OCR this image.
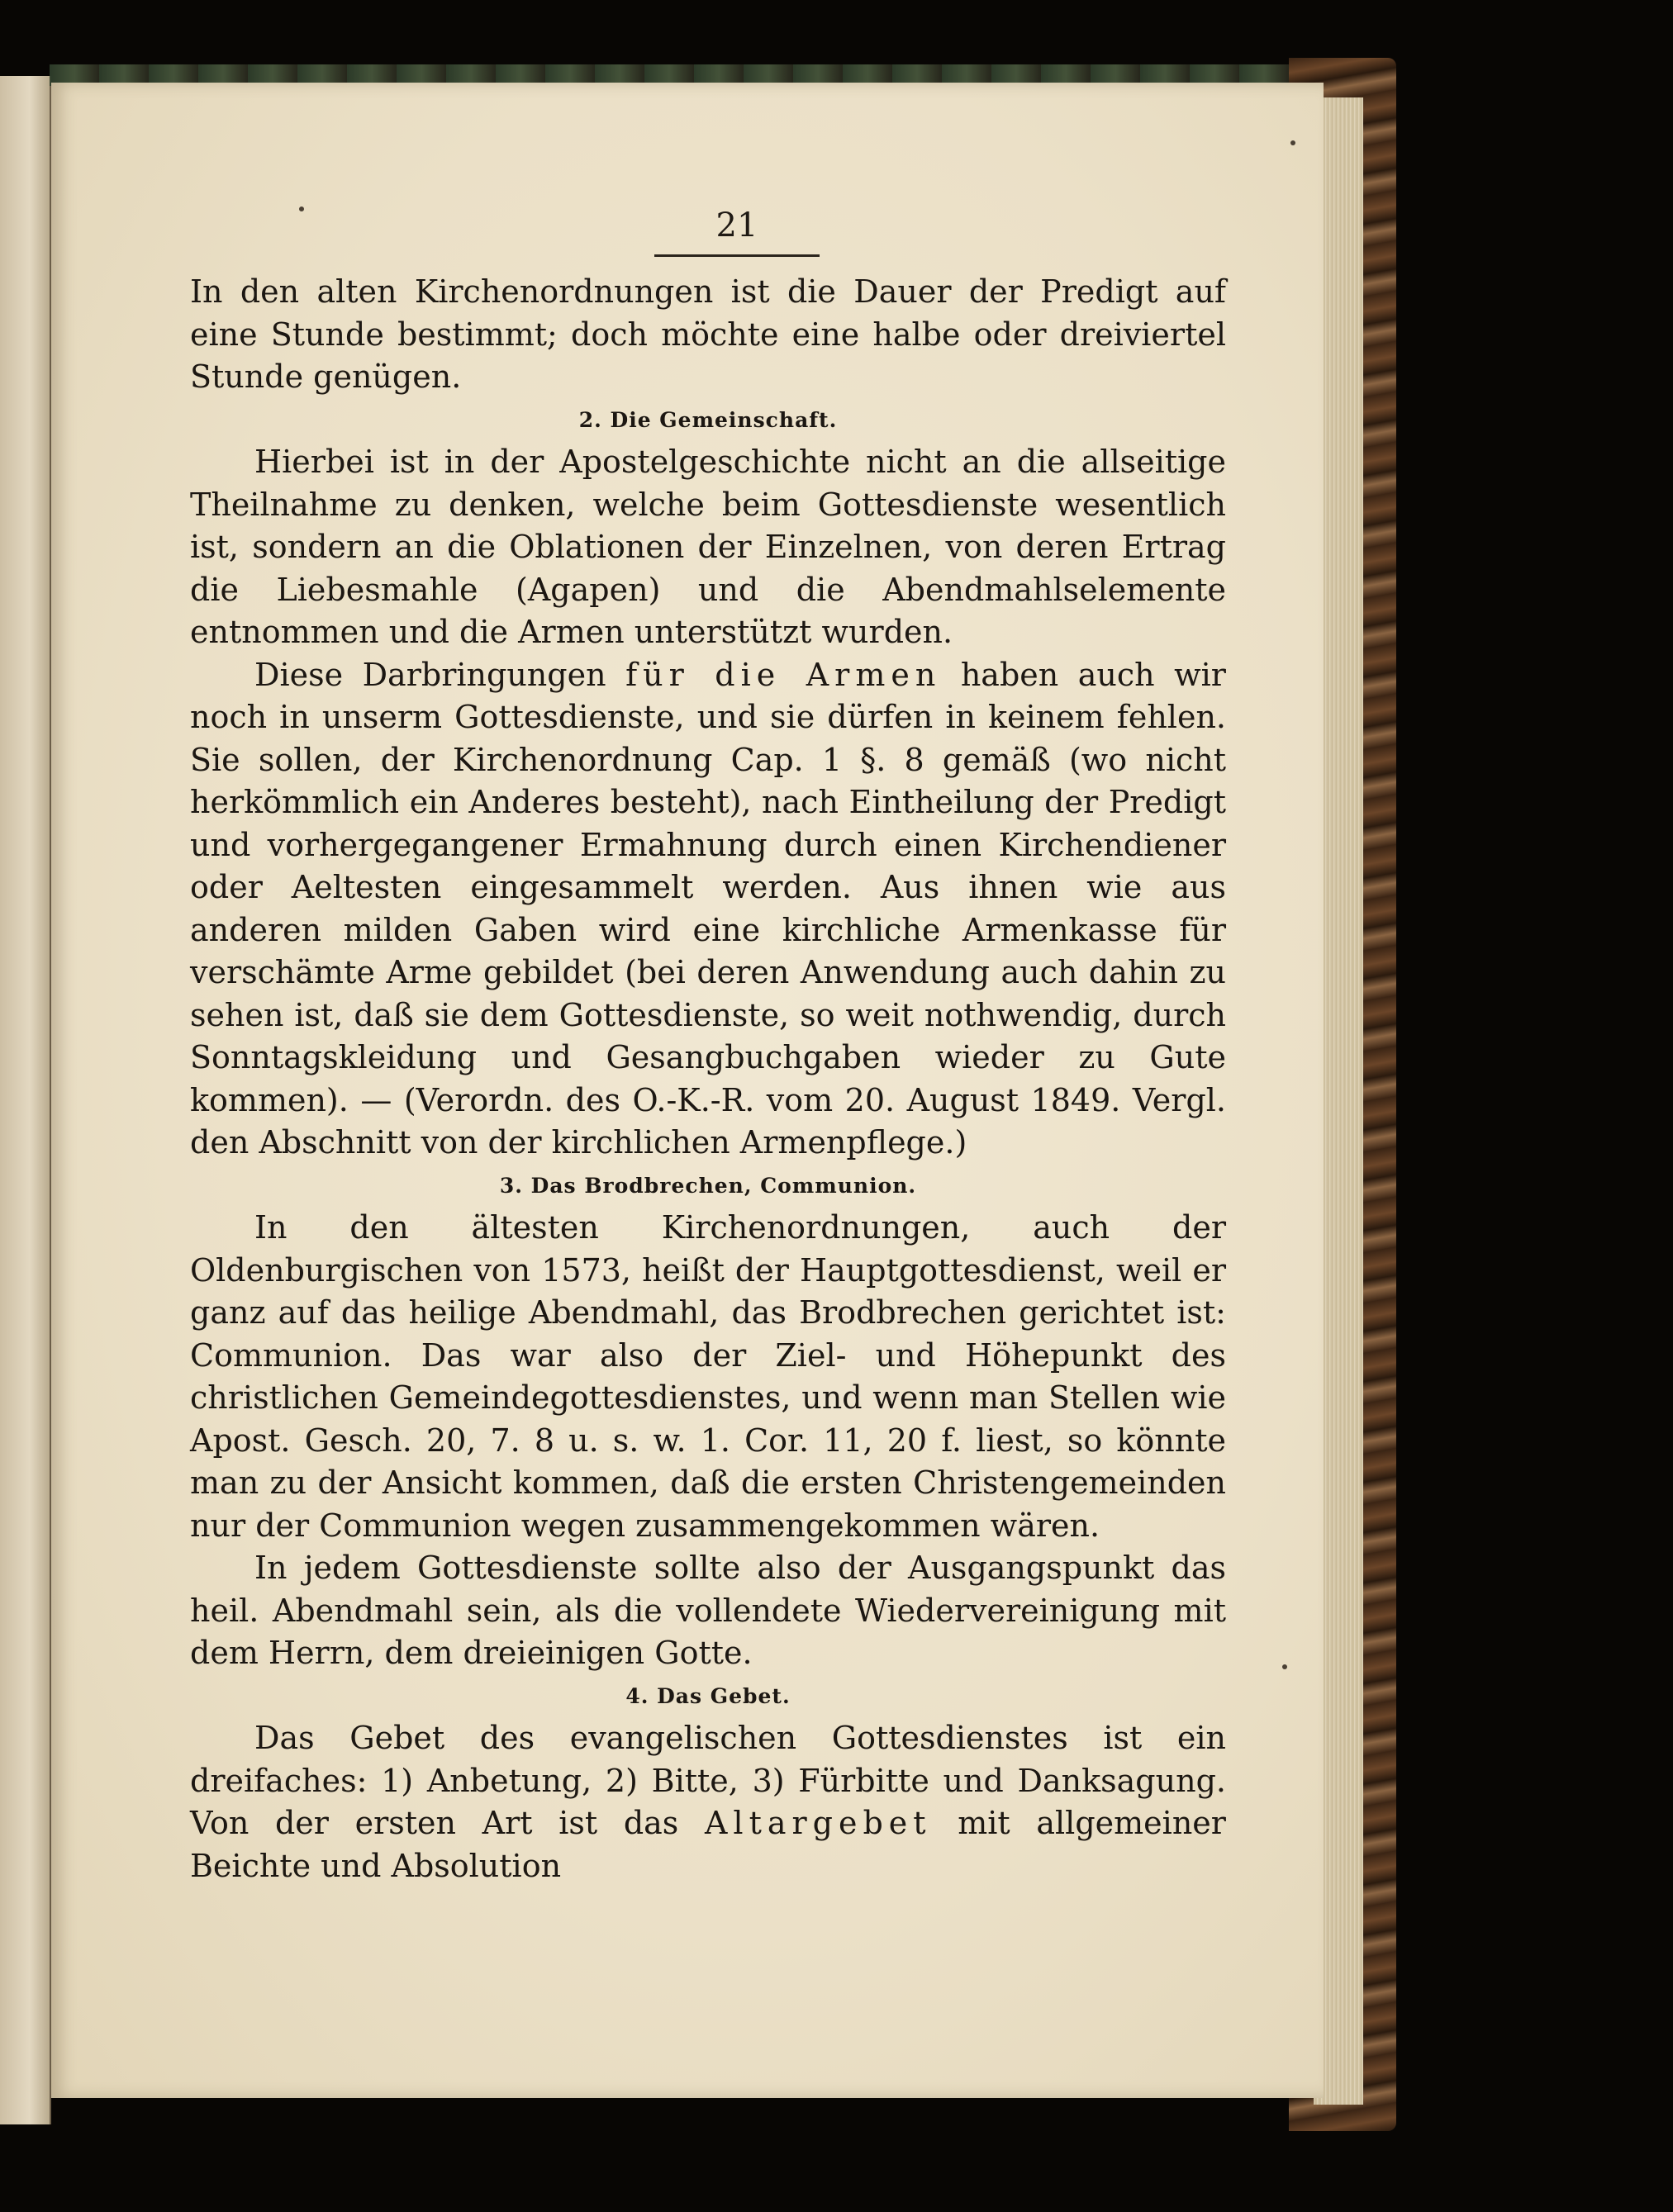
21

In den alten Kirchenordnungen ist die Dauer der Predigt auf eine Stunde bestimmt; doch möchte eine halbe oder dreiviertel Stunde genügen.

2. Die Gemeinschaft.

Hierbei ist in der Apostelgeschichte nicht an die allseitige Theilnahme zu denken, welche beim Gottesdienste wesentlich ist, sondern an die Oblationen der Einzelnen, von deren Ertrag die Liebesmahle (Agapen) und die Abendmahlselemente entnommen und die Armen unterstützt wurden.

Diese Darbringungen für die Armen haben auch wir noch in unserm Gottesdienste, und sie dürfen in keinem fehlen. Sie sollen, der Kirchenordnung Cap. 1 §. 8 gemäß (wo nicht herkömmlich ein Anderes besteht), nach Eintheilung der Predigt und vorhergegangener Ermahnung durch einen Kirchendiener oder Aeltesten eingesammelt werden. Aus ihnen wie aus anderen milden Gaben wird eine kirchliche Armenkasse für verschämte Arme gebildet (bei deren Anwendung auch dahin zu sehen ist, daß sie dem Gottesdienste, so weit nothwendig, durch Sonntagskleidung und Gesangbuchgaben wieder zu Gute kommen). — (Verordn. des O.-K.-R. vom 20. August 1849. Vergl. den Abschnitt von der kirchlichen Armenpflege.)

3. Das Brodbrechen, Communion.

In den ältesten Kirchenordnungen, auch der Oldenburgischen von 1573, heißt der Hauptgottesdienst, weil er ganz auf das heilige Abendmahl, das Brodbrechen gerichtet ist: Communion. Das war also der Ziel- und Höhepunkt des christlichen Gemeindegottesdienstes, und wenn man Stellen wie Apost. Gesch. 20, 7. 8 u. s. w. 1. Cor. 11, 20 f. liest, so könnte man zu der Ansicht kommen, daß die ersten Christengemeinden nur der Communion wegen zusammengekommen wären.

In jedem Gottesdienste sollte also der Ausgangspunkt das heil. Abendmahl sein, als die vollendete Wiedervereinigung mit dem Herrn, dem dreieinigen Gotte.

4. Das Gebet.

Das Gebet des evangelischen Gottesdienstes ist ein dreifaches: 1) Anbetung, 2) Bitte, 3) Fürbitte und Danksagung. Von der ersten Art ist das Altargebet mit allgemeiner Beichte und Absolution
